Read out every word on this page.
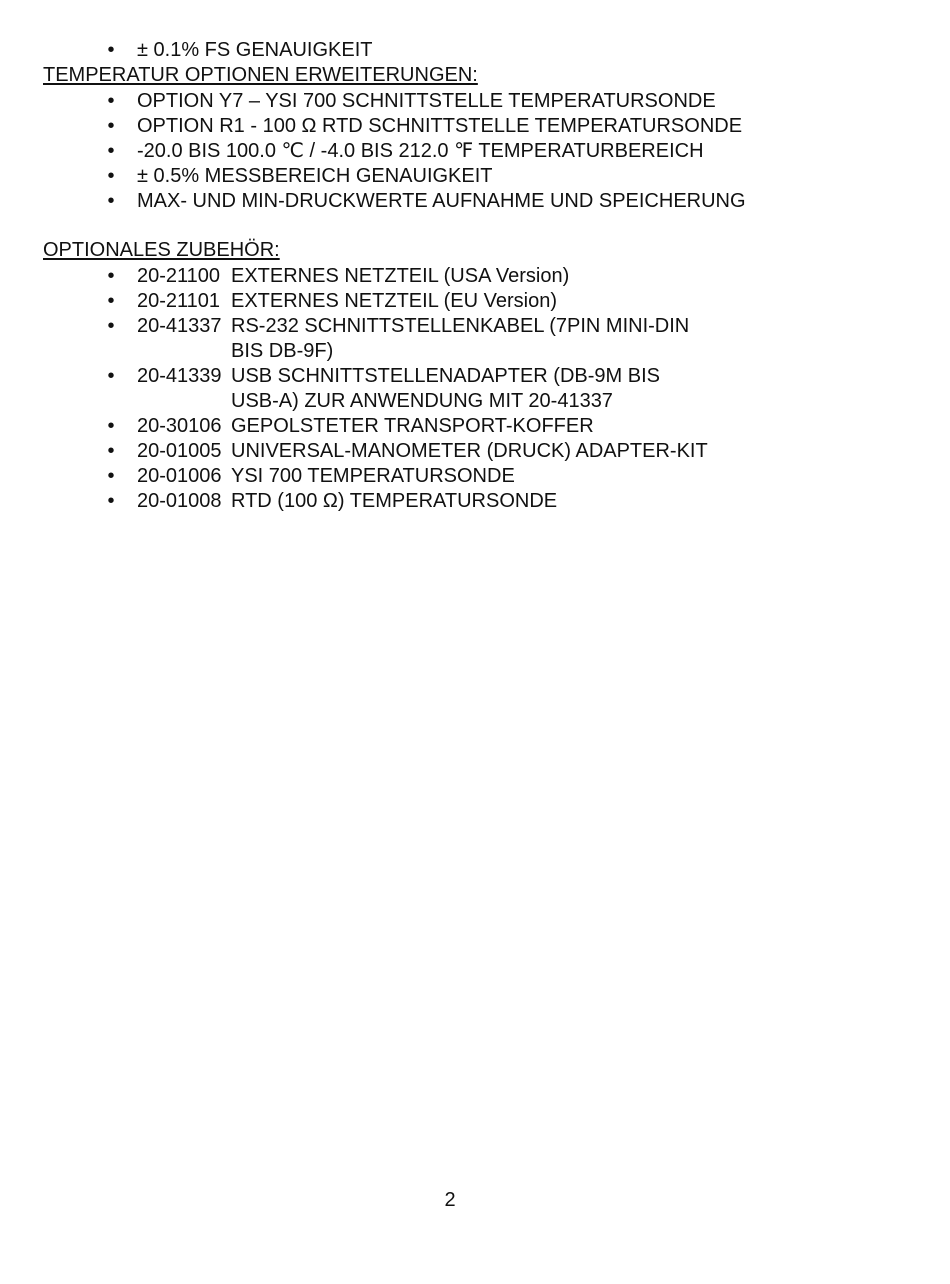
• ± 0.1% FS GENAUIGKEIT
TEMPERATUR OPTIONEN ERWEITERUNGEN:
• OPTION Y7 – YSI 700 SCHNITTSTELLE TEMPERATURSONDE
• OPTION R1 - 100 Ω RTD SCHNITTSTELLE TEMPERATURSONDE
• -20.0 BIS 100.0 ℃ / -4.0 BIS 212.0 ℉ TEMPERATURBEREICH
• ± 0.5% MESSBEREICH GENAUIGKEIT
• MAX- UND MIN-DRUCKWERTE AUFNAHME UND SPEICHERUNG
OPTIONALES ZUBEHÖR:
• 20-21100 EXTERNES NETZTEIL (USA Version)
• 20-21101 EXTERNES NETZTEIL (EU Version)
• 20-41337 RS-232 SCHNITTSTELLENKABEL (7PIN MINI-DIN
BIS DB-9F)
• 20-41339 USB SCHNITTSTELLENADAPTER (DB-9M BIS
USB-A) ZUR ANWENDUNG MIT 20-41337
• 20-30106 GEPOLSTETER TRANSPORT-KOFFER
• 20-01005 UNIVERSAL-MANOMETER (DRUCK) ADAPTER-KIT
• 20-01006 YSI 700 TEMPERATURSONDE
• 20-01008 RTD (100 Ω) TEMPERATURSONDE
2
